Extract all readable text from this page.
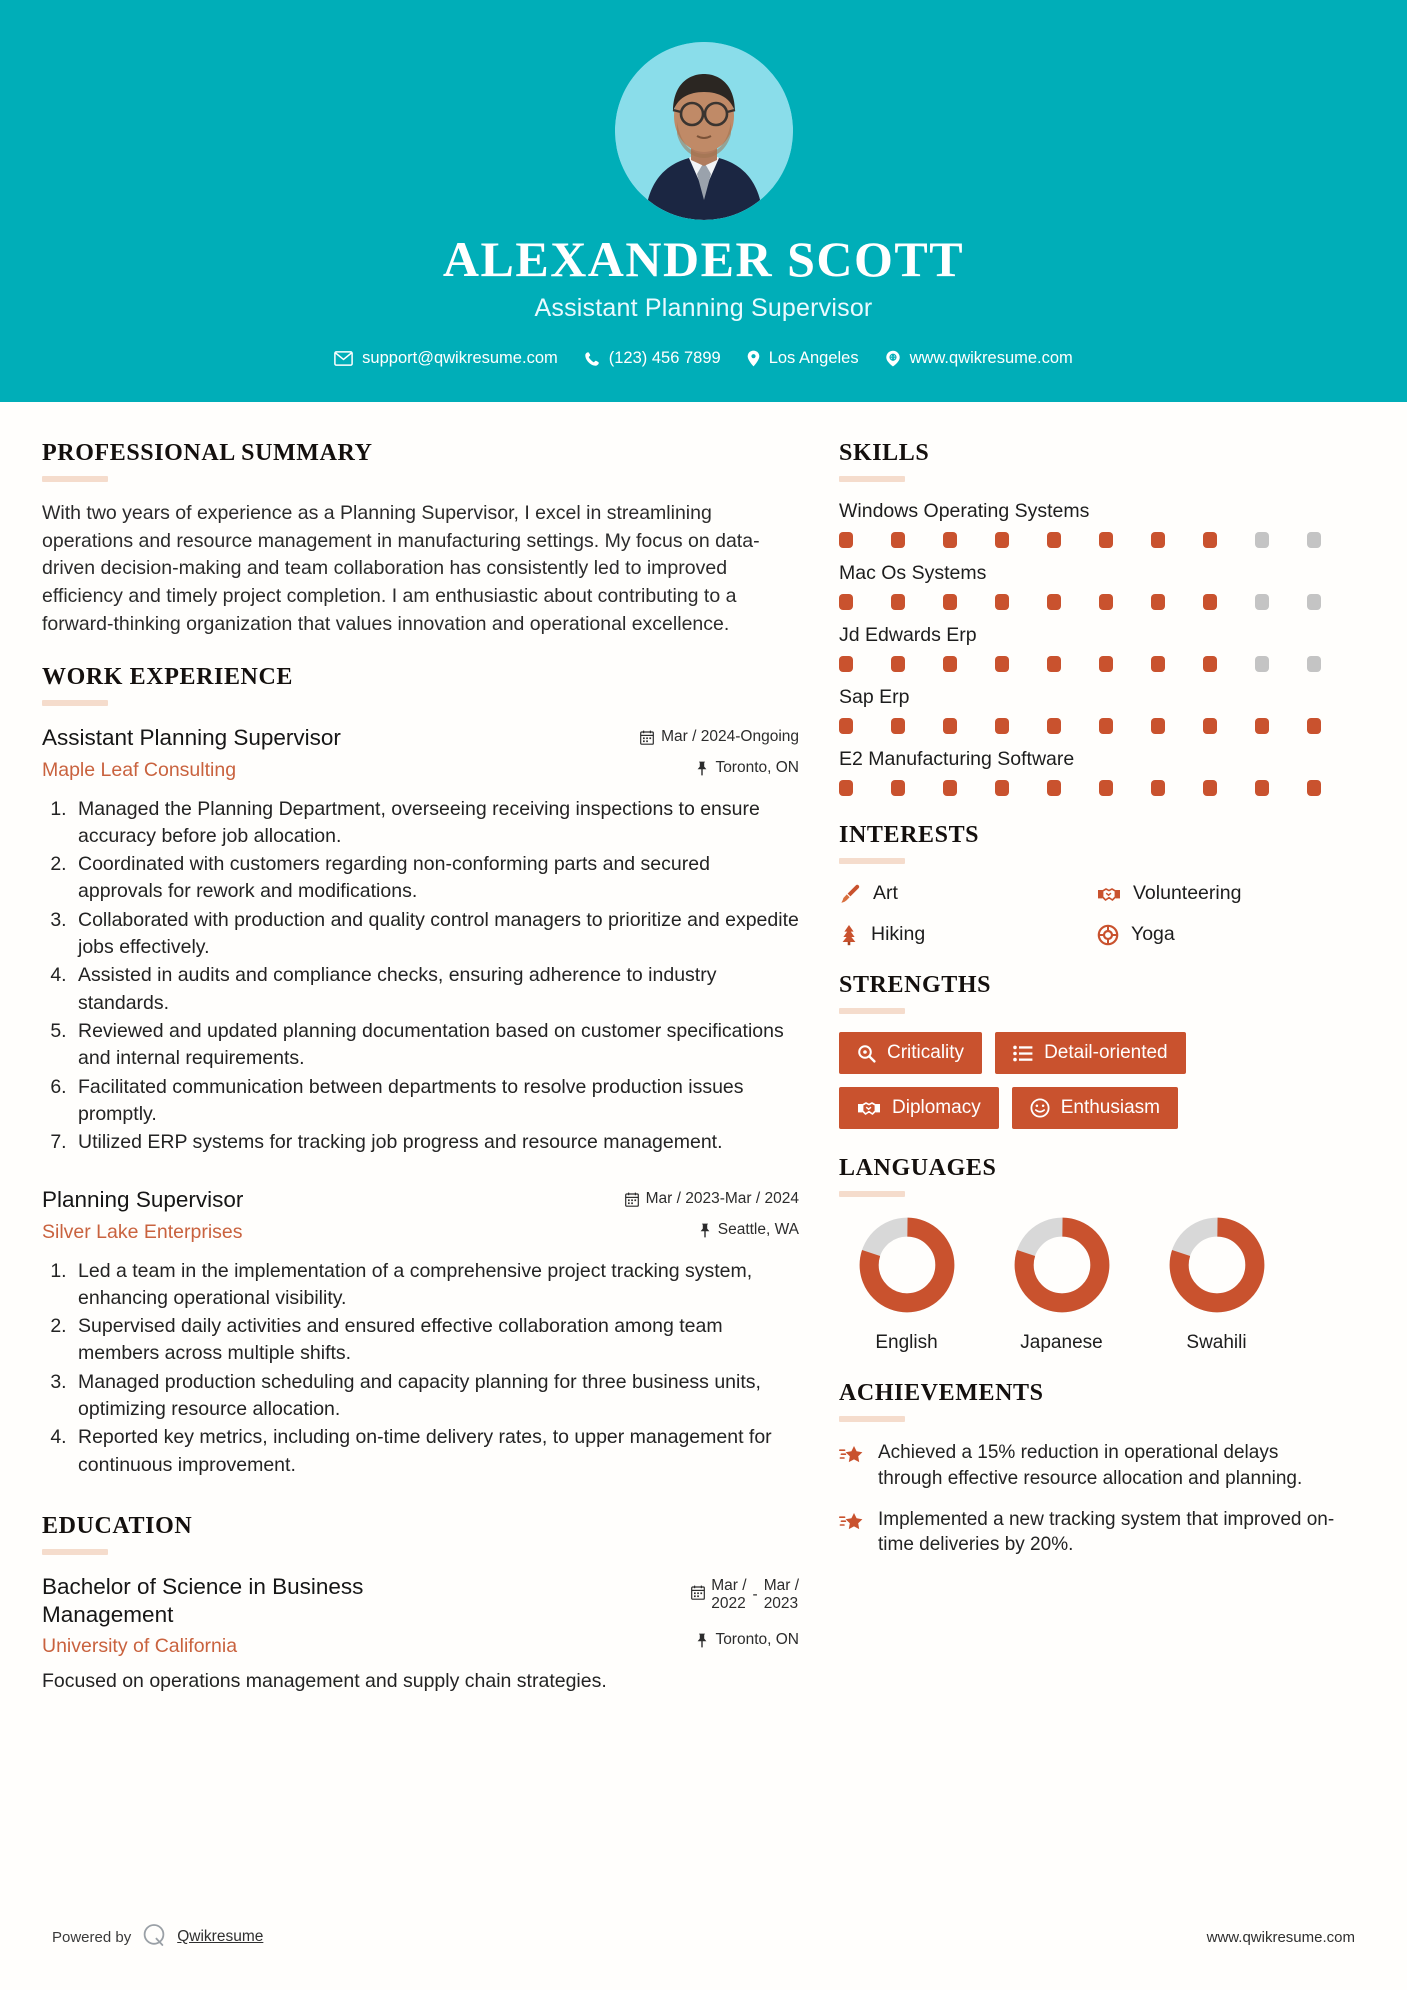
ALEXANDER SCOTT
Assistant Planning Supervisor
support@qwikresume.com	(123) 456 7899	Los Angeles	www.qwikresume.com
PROFESSIONAL SUMMARY
With two years of experience as a Planning Supervisor, I excel in streamlining operations and resource management in manufacturing settings. My focus on data-driven decision-making and team collaboration has consistently led to improved efficiency and timely project completion. I am enthusiastic about contributing to a forward-thinking organization that values innovation and operational excellence.
WORK EXPERIENCE
Assistant Planning Supervisor
Maple Leaf Consulting
Mar / 2024-Ongoing
Toronto, ON
1. Managed the Planning Department, overseeing receiving inspections to ensure accuracy before job allocation.
2. Coordinated with customers regarding non-conforming parts and secured approvals for rework and modifications.
3. Collaborated with production and quality control managers to prioritize and expedite jobs effectively.
4. Assisted in audits and compliance checks, ensuring adherence to industry standards.
5. Reviewed and updated planning documentation based on customer specifications and internal requirements.
6. Facilitated communication between departments to resolve production issues promptly.
7. Utilized ERP systems for tracking job progress and resource management.
Planning Supervisor
Silver Lake Enterprises
Mar / 2023-Mar / 2024
Seattle, WA
1. Led a team in the implementation of a comprehensive project tracking system, enhancing operational visibility.
2. Supervised daily activities and ensured effective collaboration among team members across multiple shifts.
3. Managed production scheduling and capacity planning for three business units, optimizing resource allocation.
4. Reported key metrics, including on-time delivery rates, to upper management for continuous improvement.
EDUCATION
Bachelor of Science in Business Management
University of California
Mar /
2022
-
Mar /
2023
Toronto, ON
Focused on operations management and supply chain strategies.
SKILLS
Windows Operating Systems
Mac Os Systems
Jd Edwards Erp
Sap Erp
E2 Manufacturing Software
INTERESTS
Art	Volunteering
Hiking	Yoga
STRENGTHS
Criticality	Detail-oriented
Diplomacy	Enthusiasm
LANGUAGES
English	Japanese	Swahili
ACHIEVEMENTS
Achieved a 15% reduction in operational delays through effective resource allocation and planning.
Implemented a new tracking system that improved on-time deliveries by 20%.
Powered by	Qwikresume	www.qwikresume.com
